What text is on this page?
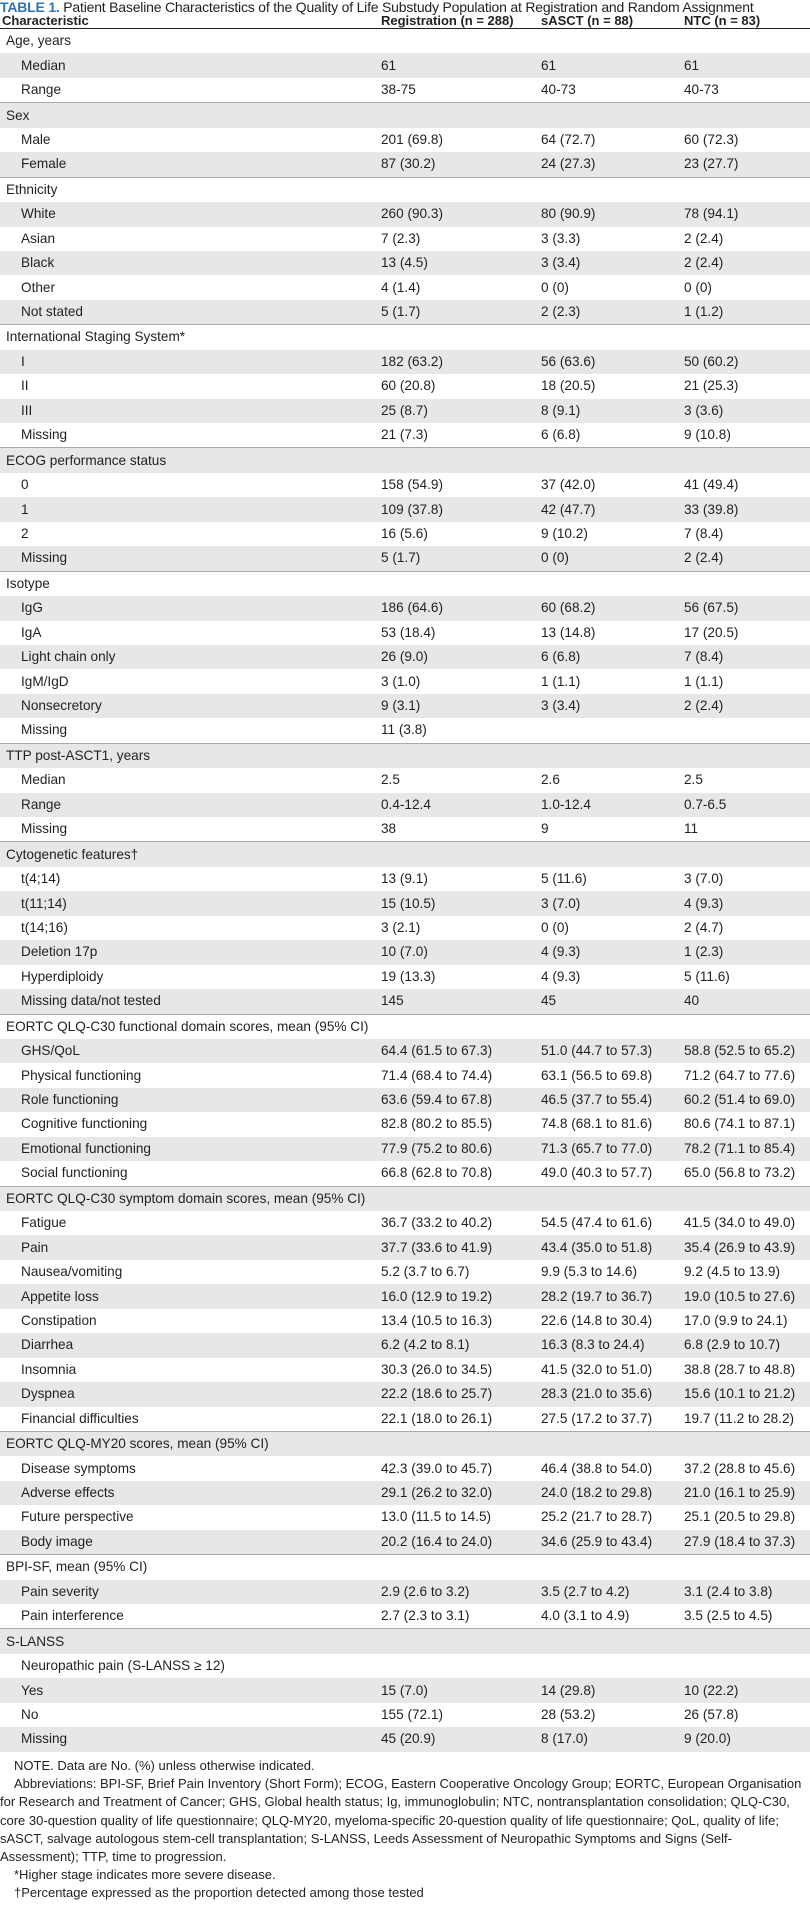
TABLE 1. Patient Baseline Characteristics of the Quality of Life Substudy Population at Registration and Random Assignment
Characteristic	Registration (n = 288)	sASCT (n = 88)	NTC (n = 83)
Age, years			
Median	61	61	61
Range	38-75	40-73	40-73
Sex			
Male	201 (69.8)	64 (72.7)	60 (72.3)
Female	87 (30.2)	24 (27.3)	23 (27.7)
Ethnicity			
White	260 (90.3)	80 (90.9)	78 (94.1)
Asian	7 (2.3)	3 (3.3)	2 (2.4)
Black	13 (4.5)	3 (3.4)	2 (2.4)
Other	4 (1.4)	0 (0)	0 (0)
Not stated	5 (1.7)	2 (2.3)	1 (1.2)
International Staging System*			
I	182 (63.2)	56 (63.6)	50 (60.2)
II	60 (20.8)	18 (20.5)	21 (25.3)
III	25 (8.7)	8 (9.1)	3 (3.6)
Missing	21 (7.3)	6 (6.8)	9 (10.8)
ECOG performance status			
0	158 (54.9)	37 (42.0)	41 (49.4)
1	109 (37.8)	42 (47.7)	33 (39.8)
2	16 (5.6)	9 (10.2)	7 (8.4)
Missing	5 (1.7)	0 (0)	2 (2.4)
Isotype			
IgG	186 (64.6)	60 (68.2)	56 (67.5)
IgA	53 (18.4)	13 (14.8)	17 (20.5)
Light chain only	26 (9.0)	6 (6.8)	7 (8.4)
IgM/IgD	3 (1.0)	1 (1.1)	1 (1.1)
Nonsecretory	9 (3.1)	3 (3.4)	2 (2.4)
Missing	11 (3.8)		
TTP post-ASCT1, years			
Median	2.5	2.6	2.5
Range	0.4-12.4	1.0-12.4	0.7-6.5
Missing	38	9	11
Cytogenetic features†			
t(4;14)	13 (9.1)	5 (11.6)	3 (7.0)
t(11;14)	15 (10.5)	3 (7.0)	4 (9.3)
t(14;16)	3 (2.1)	0 (0)	2 (4.7)
Deletion 17p	10 (7.0)	4 (9.3)	1 (2.3)
Hyperdiploidy	19 (13.3)	4 (9.3)	5 (11.6)
Missing data/not tested	145	45	40
EORTC QLQ-C30 functional domain scores, mean (95% CI)			
GHS/QoL	64.4 (61.5 to 67.3)	51.0 (44.7 to 57.3)	58.8 (52.5 to 65.2)
Physical functioning	71.4 (68.4 to 74.4)	63.1 (56.5 to 69.8)	71.2 (64.7 to 77.6)
Role functioning	63.6 (59.4 to 67.8)	46.5 (37.7 to 55.4)	60.2 (51.4 to 69.0)
Cognitive functioning	82.8 (80.2 to 85.5)	74.8 (68.1 to 81.6)	80.6 (74.1 to 87.1)
Emotional functioning	77.9 (75.2 to 80.6)	71.3 (65.7 to 77.0)	78.2 (71.1 to 85.4)
Social functioning	66.8 (62.8 to 70.8)	49.0 (40.3 to 57.7)	65.0 (56.8 to 73.2)
EORTC QLQ-C30 symptom domain scores, mean (95% CI)			
Fatigue	36.7 (33.2 to 40.2)	54.5 (47.4 to 61.6)	41.5 (34.0 to 49.0)
Pain	37.7 (33.6 to 41.9)	43.4 (35.0 to 51.8)	35.4 (26.9 to 43.9)
Nausea/vomiting	5.2 (3.7 to 6.7)	9.9 (5.3 to 14.6)	9.2 (4.5 to 13.9)
Appetite loss	16.0 (12.9 to 19.2)	28.2 (19.7 to 36.7)	19.0 (10.5 to 27.6)
Constipation	13.4 (10.5 to 16.3)	22.6 (14.8 to 30.4)	17.0 (9.9 to 24.1)
Diarrhea	6.2 (4.2 to 8.1)	16.3 (8.3 to 24.4)	6.8 (2.9 to 10.7)
Insomnia	30.3 (26.0 to 34.5)	41.5 (32.0 to 51.0)	38.8 (28.7 to 48.8)
Dyspnea	22.2 (18.6 to 25.7)	28.3 (21.0 to 35.6)	15.6 (10.1 to 21.2)
Financial difficulties	22.1 (18.0 to 26.1)	27.5 (17.2 to 37.7)	19.7 (11.2 to 28.2)
EORTC QLQ-MY20 scores, mean (95% CI)			
Disease symptoms	42.3 (39.0 to 45.7)	46.4 (38.8 to 54.0)	37.2 (28.8 to 45.6)
Adverse effects	29.1 (26.2 to 32.0)	24.0 (18.2 to 29.8)	21.0 (16.1 to 25.9)
Future perspective	13.0 (11.5 to 14.5)	25.2 (21.7 to 28.7)	25.1 (20.5 to 29.8)
Body image	20.2 (16.4 to 24.0)	34.6 (25.9 to 43.4)	27.9 (18.4 to 37.3)
BPI-SF, mean (95% CI)			
Pain severity	2.9 (2.6 to 3.2)	3.5 (2.7 to 4.2)	3.1 (2.4 to 3.8)
Pain interference	2.7 (2.3 to 3.1)	4.0 (3.1 to 4.9)	3.5 (2.5 to 4.5)
S-LANSS			
Neuropathic pain (S-LANSS ≥ 12)			
Yes	15 (7.0)	14 (29.8)	10 (22.2)
No	155 (72.1)	28 (53.2)	26 (57.8)
Missing	45 (20.9)	8 (17.0)	9 (20.0)

NOTE. Data are No. (%) unless otherwise indicated.

Abbreviations: BPI-SF, Brief Pain Inventory (Short Form); ECOG, Eastern Cooperative Oncology Group; EORTC, European Organisation for Research and Treatment of Cancer; GHS, Global health status; Ig, immunoglobulin; NTC, nontransplantation consolidation; QLQ-C30, core 30-question quality of life questionnaire; QLQ-MY20, myeloma-specific 20-question quality of life questionnaire; QoL, quality of life; sASCT, salvage autologous stem-cell transplantation; S-LANSS, Leeds Assessment of Neuropathic Symptoms and Signs (Self-Assessment); TTP, time to progression.

*Higher stage indicates more severe disease.

†Percentage expressed as the proportion detected among those tested
